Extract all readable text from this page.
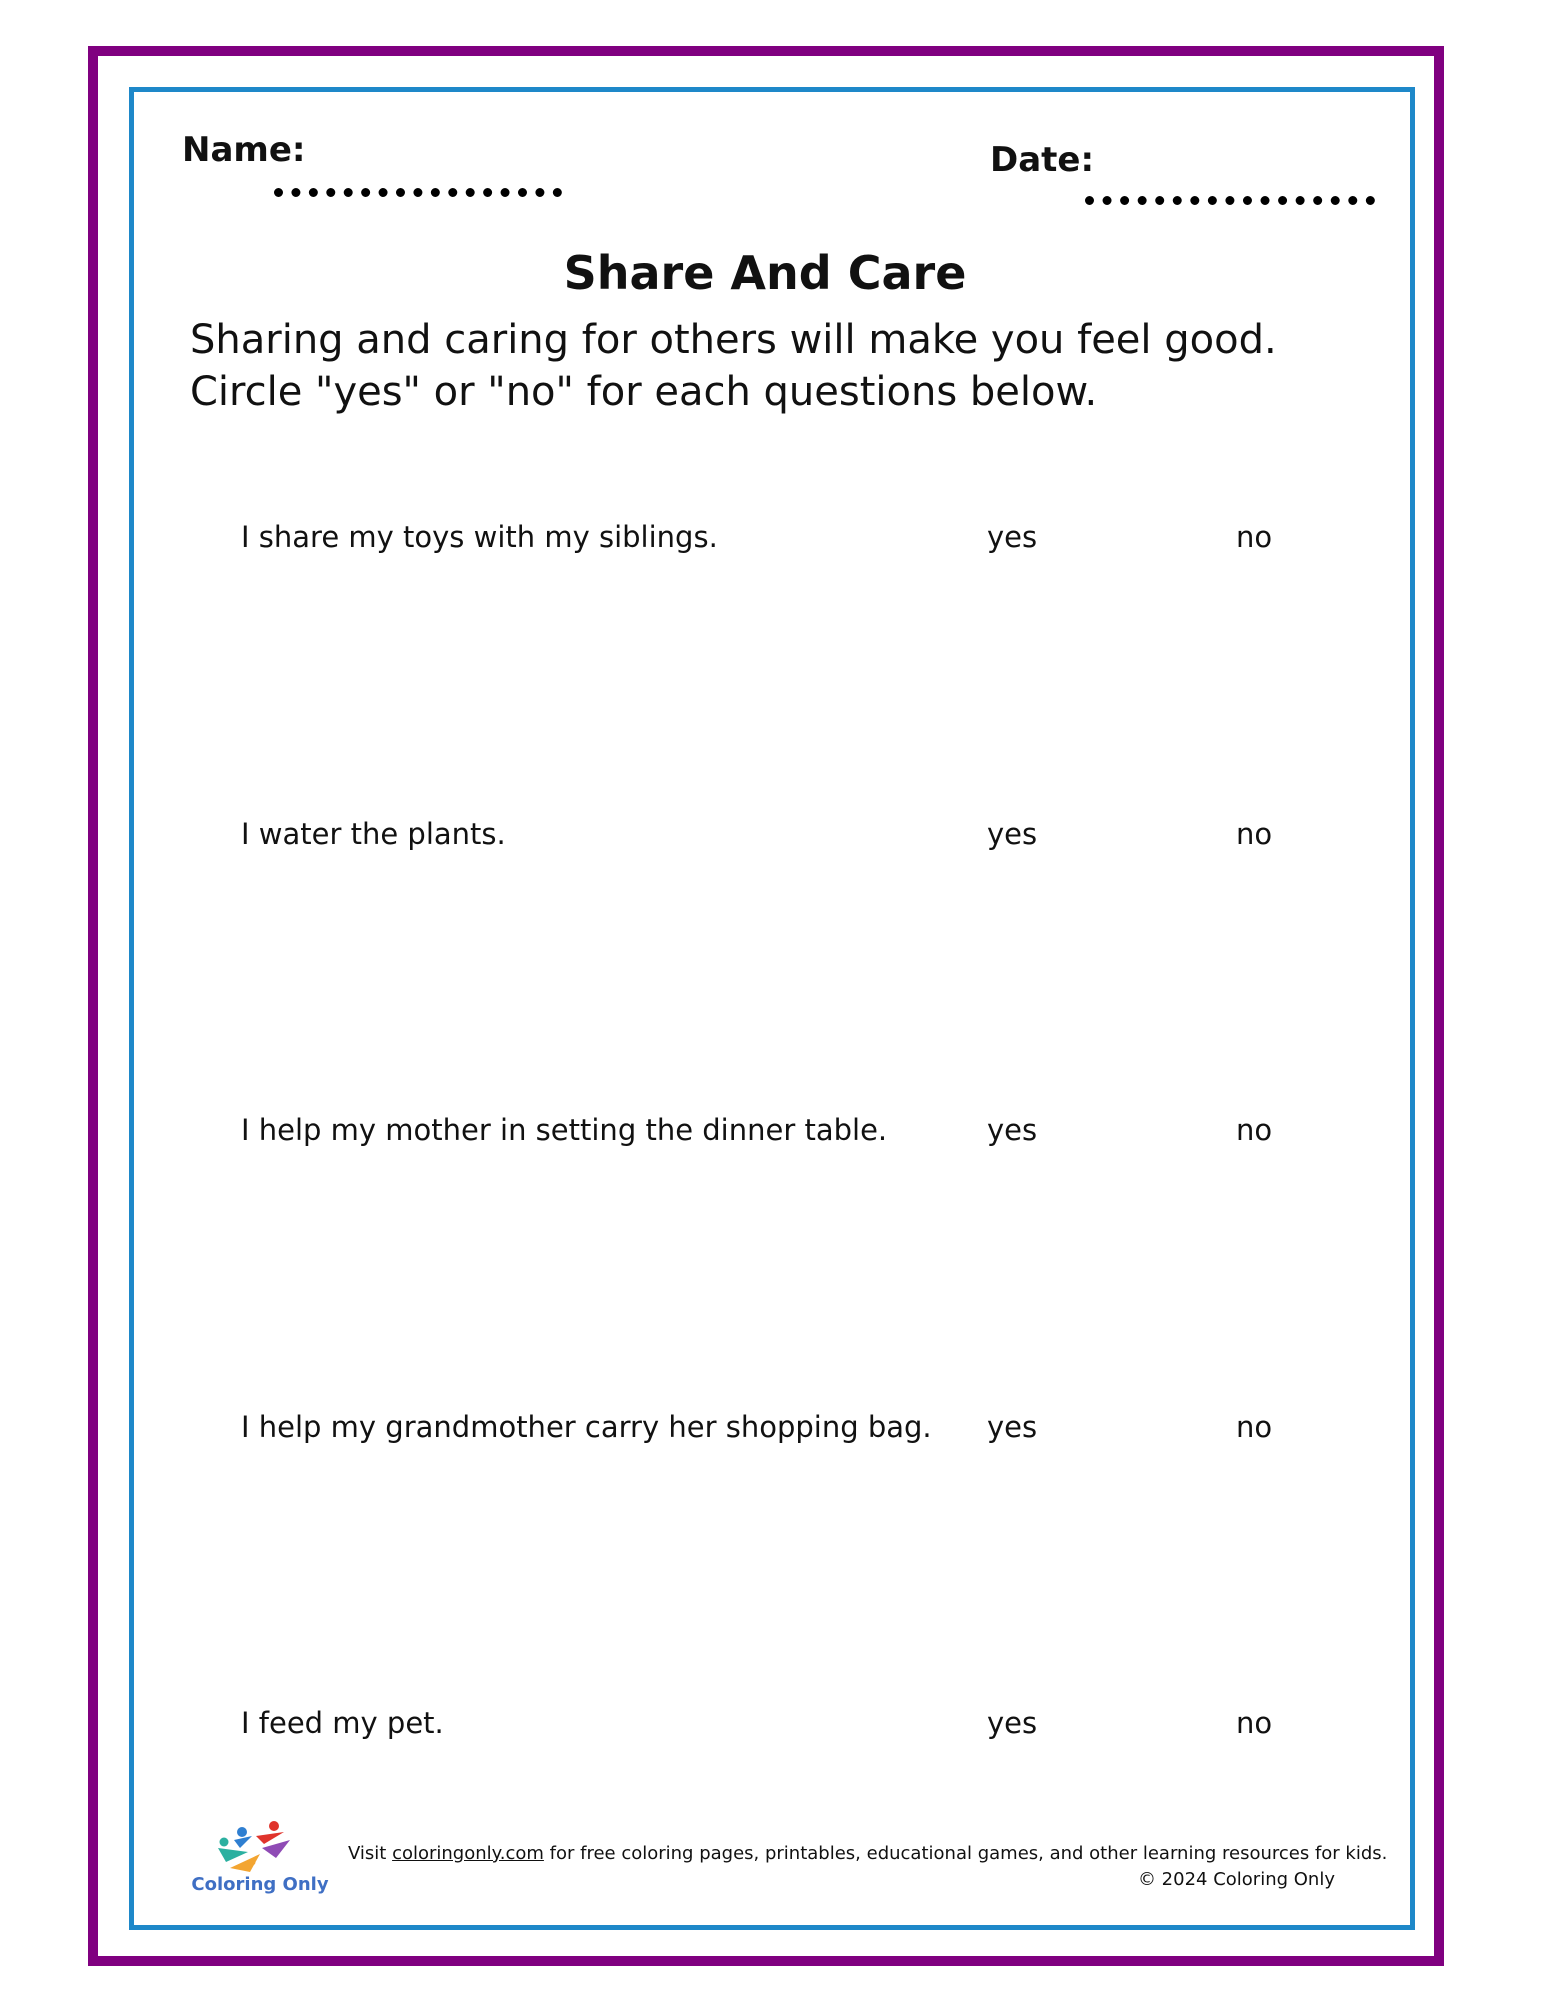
Name:	Date:
Share And Care
Sharing and caring for others will make you feel good. Circle "yes" or "no" for each questions below.
I share my toys with my siblings.	yes	no
I water the plants.	yes	no
I help my mother in setting the dinner table.	yes	no
I help my grandmother carry her shopping bag. yes	no
I feed my pet.	yes	no
Coloring Only
Visit coloringonly.com for free coloring pages, printables, educational games, and other learning resources for kids.
© 2024 Coloring Only
